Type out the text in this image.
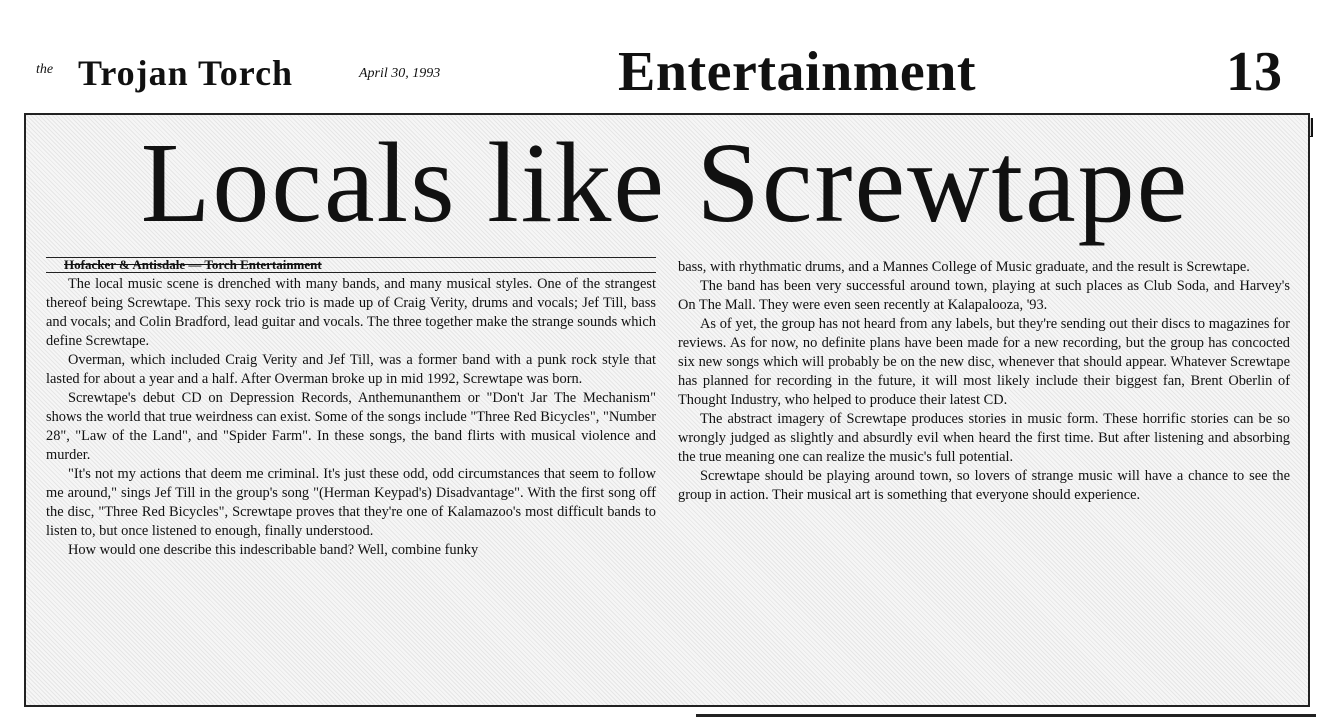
the Trojan Torch	April 30, 1993	Entertainment	13
Locals like Screwtape
Hofacker & Antisdale — Torch Entertainment

The local music scene is drenched with many bands, and many musical styles. One of the strangest thereof being Screwtape. This sexy rock trio is made up of Craig Verity, drums and vocals; Jef Till, bass and vocals; and Colin Bradford, lead guitar and vocals. The three together make the strange sounds which define Screwtape.

Overman, which included Craig Verity and Jef Till, was a former band with a punk rock style that lasted for about a year and a half. After Overman broke up in mid 1992, Screwtape was born.

Screwtape's debut CD on Depression Records, Anthemunanthem or "Don't Jar The Mechanism" shows the world that true weirdness can exist. Some of the songs include "Three Red Bicycles", "Number 28", "Law of the Land", and "Spider Farm". In these songs, the band flirts with musical violence and murder.

"It's not my actions that deem me criminal. It's just these odd, odd circumstances that seem to follow me around," sings Jef Till in the group's song "(Herman Keypad's) Disadvantage". With the first song off the disc, "Three Red Bicycles", Screwtape proves that they're one of Kalamazoo's most difficult bands to listen to, but once listened to enough, finally understood.

How would one describe this indescribable band? Well, combine funky

bass, with rhythmatic drums, and a Mannes College of Music graduate, and the result is Screwtape.

The band has been very successful around town, playing at such places as Club Soda, and Harvey's On The Mall. They were even seen recently at Kalapalooza, '93.

As of yet, the group has not heard from any labels, but they're sending out their discs to magazines for reviews. As for now, no definite plans have been made for a new recording, but the group has concocted six new songs which will probably be on the new disc, whenever that should appear. Whatever Screwtape has planned for recording in the future, it will most likely include their biggest fan, Brent Oberlin of Thought Industry, who helped to produce their latest CD.

The abstract imagery of Screwtape produces stories in music form. These horrific stories can be so wrongly judged as slightly and absurdly evil when heard the first time. But after listening and absorbing the true meaning one can realize the music's full potential.

Screwtape should be playing around town, so lovers of strange music will have a chance to see the group in action. Their musical art is something that everyone should experience.
